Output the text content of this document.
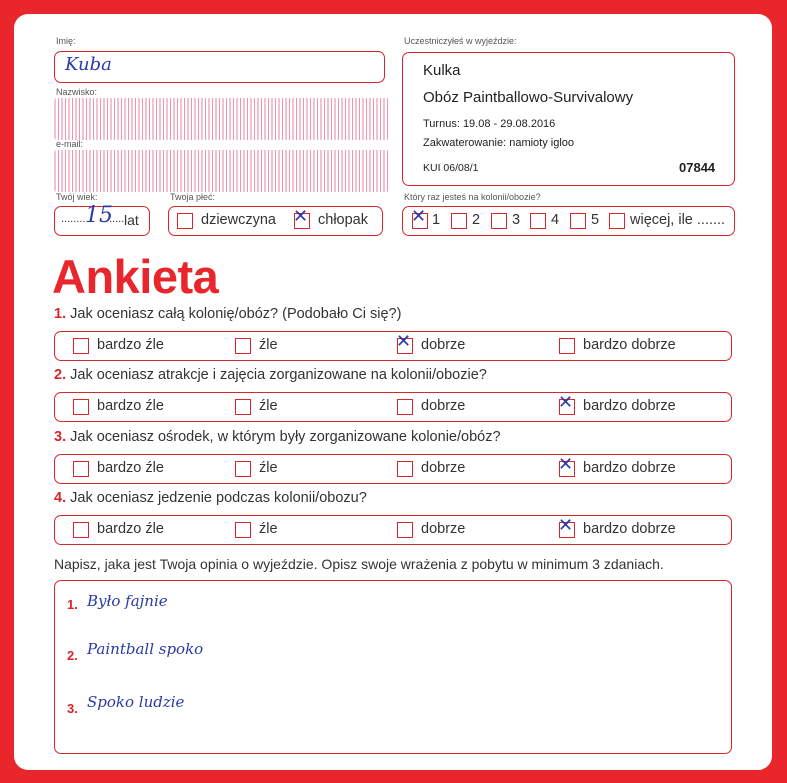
Imię:
Kuba
Nazwisko:
e-mail:
Twój wiek:
........ 15
......
lat
Twoja płeć:
dziewczyna ✕ chłopak
Uczestniczyłeś w wyjeździe:
Kulka
Obóz Paintballowo-Survivalowy
Turnus: 19.08 - 29.08.2016
Zakwaterowanie: namioty igloo
KUI 06/08/1	07844
Który raz jesteś na kolonii/obozie?
✕ 1 2 3 4 5 więcej, ile .......
Ankieta
1. Jak oceniasz całą kolonię/obóz? (Podobało Ci się?)
bardzo źle	źle	✕ dobrze	bardzo dobrze
2. Jak oceniasz atrakcje i zajęcia zorganizowane na kolonii/obozie?
bardzo źle	źle	dobrze	✕ bardzo dobrze
3. Jak oceniasz ośrodek, w którym były zorganizowane kolonie/obóz?
bardzo źle	źle	dobrze	✕ bardzo dobrze
4. Jak oceniasz jedzenie podczas kolonii/obozu?
bardzo źle	źle	dobrze	✕ bardzo dobrze
Napisz, jaka jest Twoja opinia o wyjeździe. Opisz swoje wrażenia z pobytu w minimum 3 zdaniach.
1. Było fajnie
2. Paintball spoko
3. Spoko ludzie
